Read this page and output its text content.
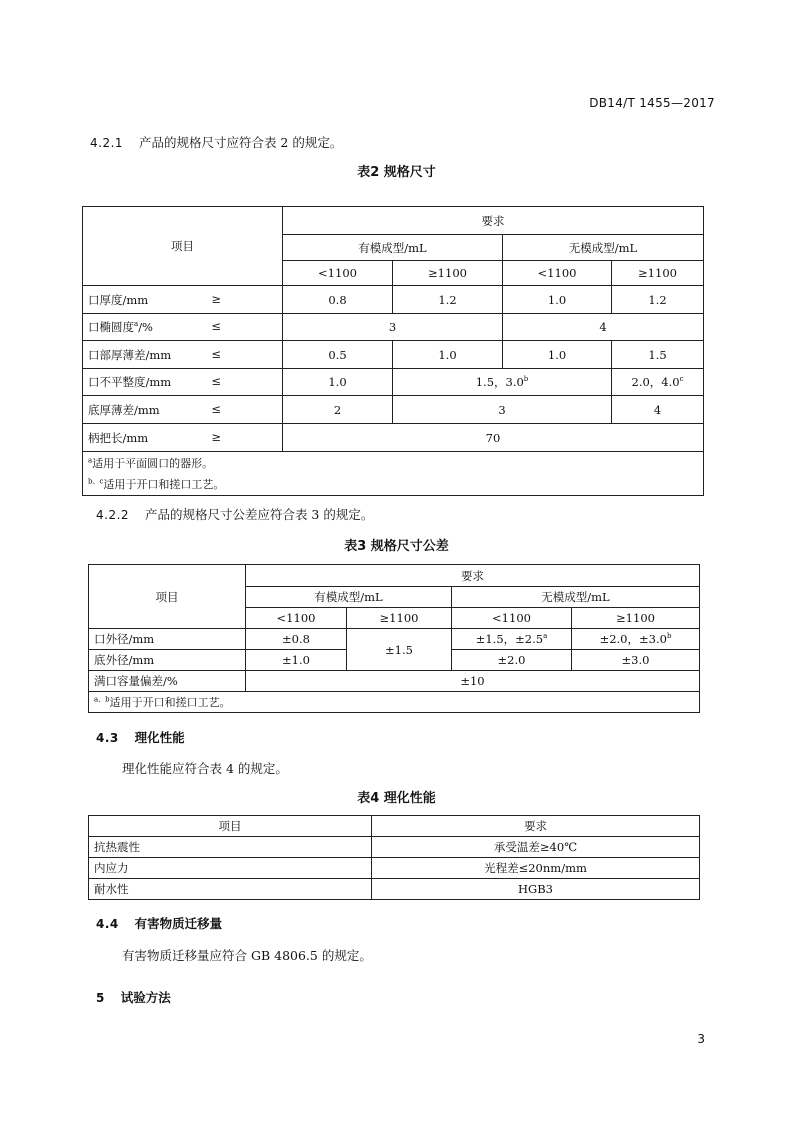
DB14/T 1455—2017
4.2.1 产品的规格尺寸应符合表 2 的规定。
表2 规格尺寸
项目	要求			
	有模成型/mL		无模成型/mL	
	<1100	≥1100	<1100	≥1100
口厚度/mm ≥	0.8	1.2	1.0	1.2
口椭圆度$^a$/% ≤	3		4	
口部厚薄差/mm ≤	0.5	1.0	1.0	1.5
口不平整度/mm ≤	1.0	1.5，3.0$^b$		2.0，4.0$^c$
底厚薄差/mm ≤	2	3		4
柄把长/mm ≥	70			
$^a$适用于平面圆口的器形。				
$^{b、c}$适用于开口和搓口工艺。				
4.2.2 产品的规格尺寸公差应符合表 3 的规定。
表3 规格尺寸公差
项目	要求			
	有模成型/mL		无模成型/mL	
	<1100	≥1100	<1100	≥1100
口外径/mm	±0.8	±1.5	±1.5，±2.5$^a$	±2.0，±3.0$^b$
底外径/mm	±1.0		±2.0	±3.0
满口容量偏差/%	±10			
$^{a、b}$适用于开口和搓口工艺。				
4.3 理化性能
理化性能应符合表 4 的规定。
表4 理化性能
项目	要求
抗热震性	承受温差≥40℃
内应力	光程差≤20nm/mm
耐水性	HGB3
4.4 有害物质迁移量
有害物质迁移量应符合 GB 4806.5 的规定。
5 试验方法
3
